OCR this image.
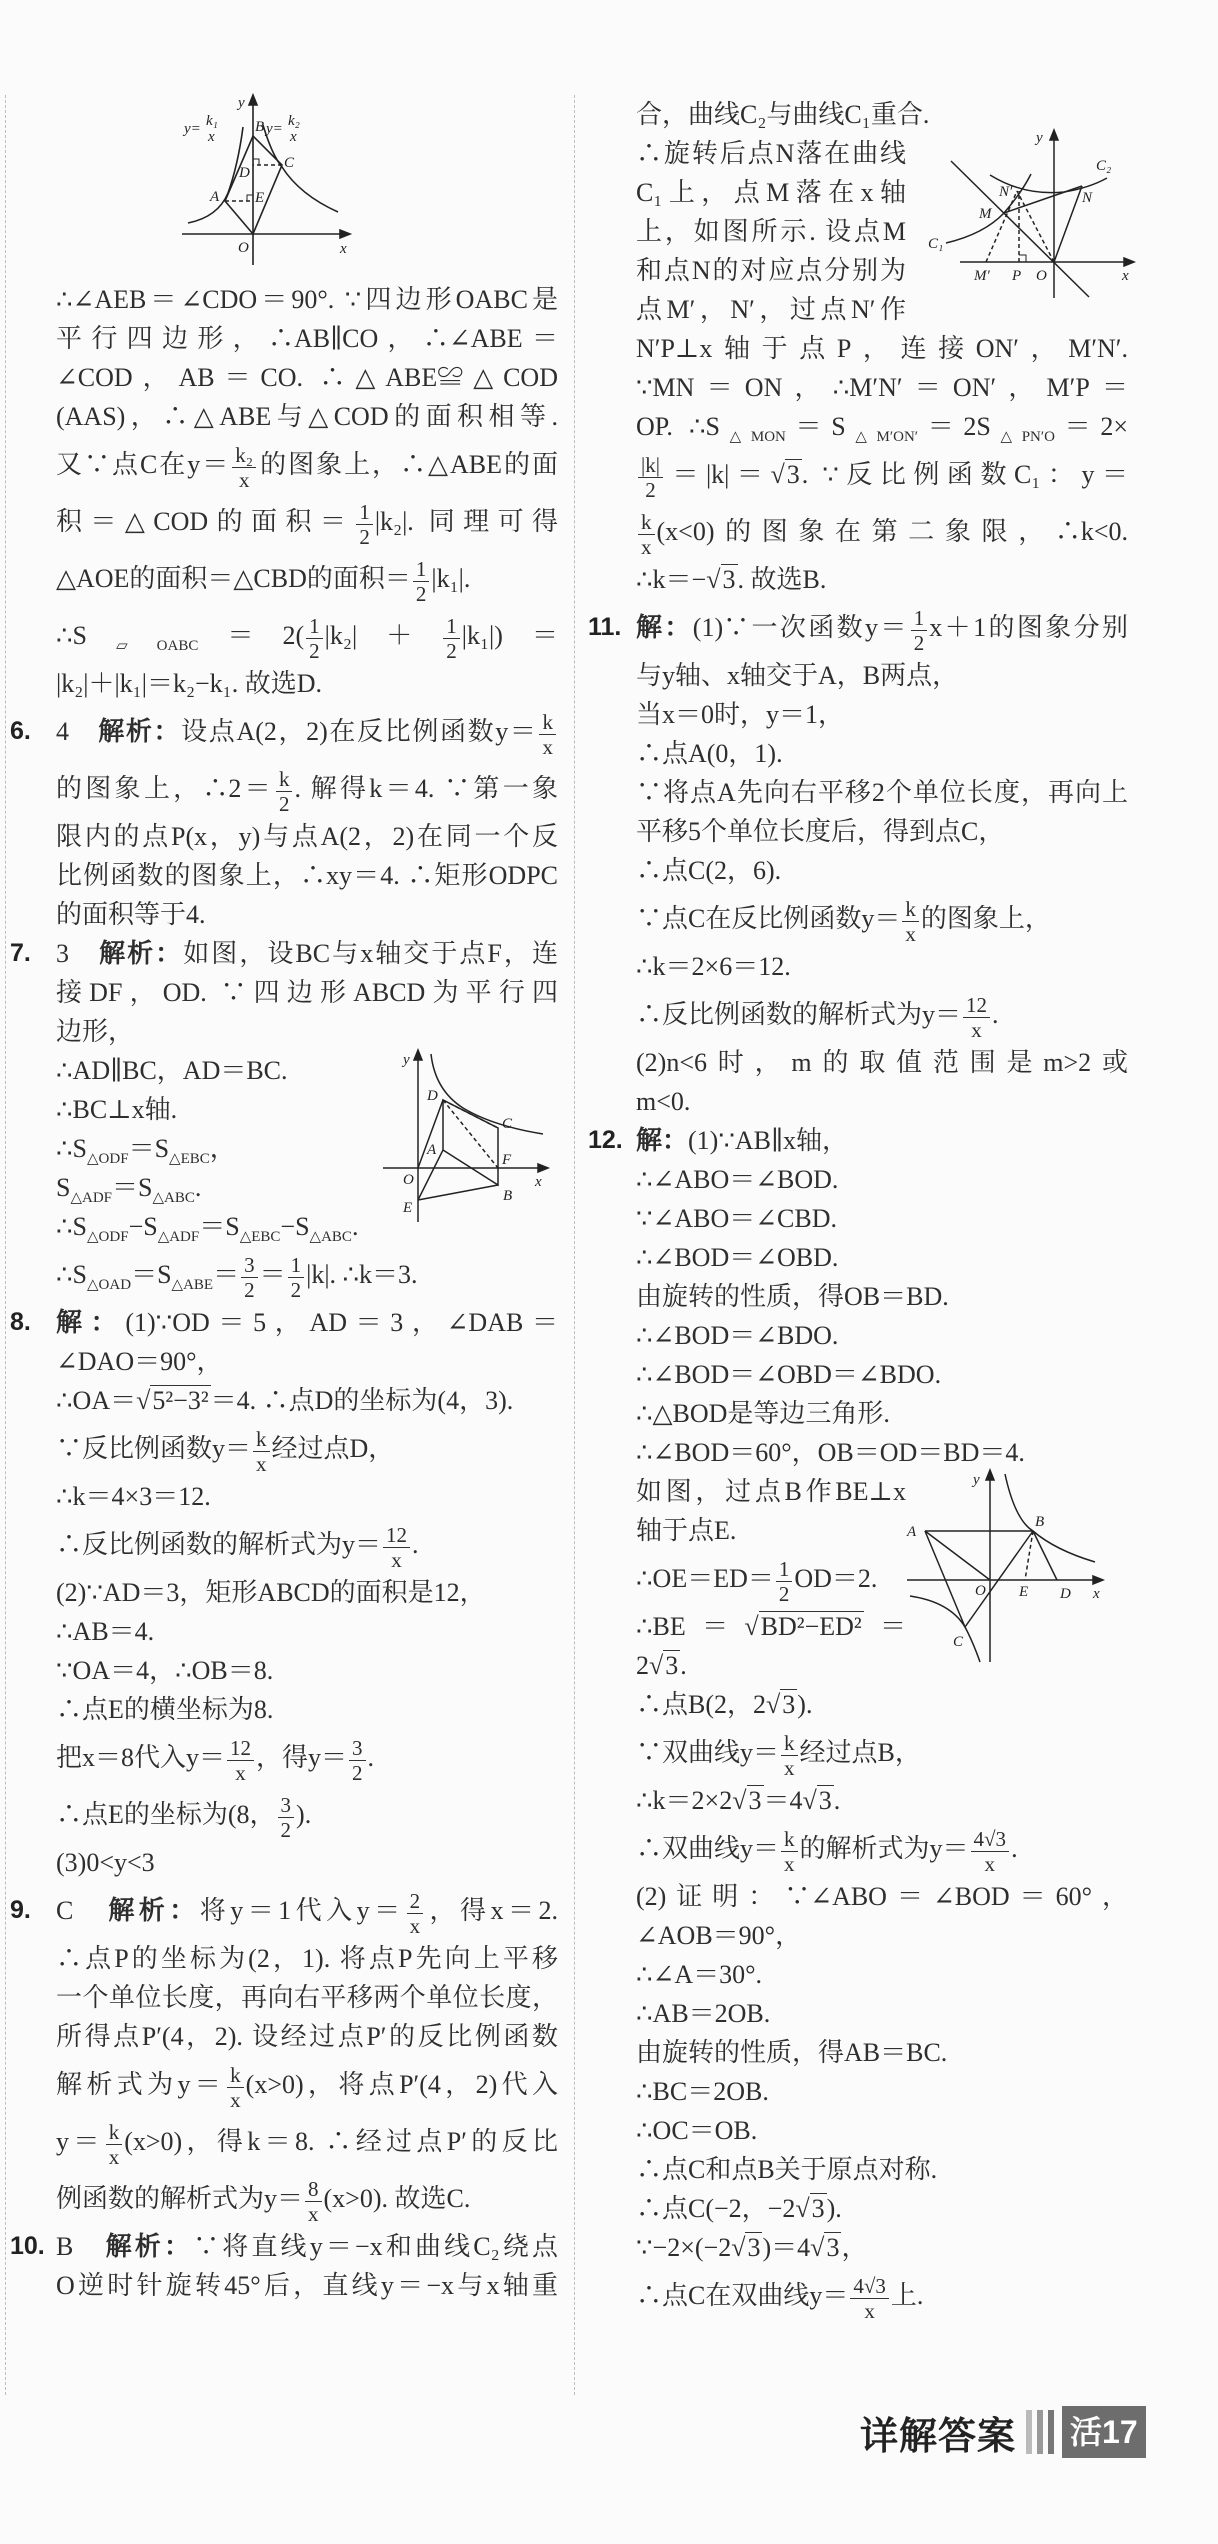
∴∠AEB＝∠CDO＝90°. ∵四边形OABC是
平行四边形，∴AB∥CO，∴∠ABE＝
∠COD，AB＝CO. ∴△ABE≌△COD
(AAS)，∴△ABE与△COD的面积相等.
又∵点C在$y= \frac{\text{k₂}}{x}$ 的图象上，∴△ABE的面
积＝△COD的面积＝ $\frac{1}{2} |k_2|$. 同理可得
△AOE的面积＝△CBD的面积＝ $\frac{1}{2} |k_1|$.
$\therefore S_{▱OABC}=2( \frac{1}{2} |k_2|+ \frac{1}{2} |k_1|)=$
|k₂|＋|k₁|＝k₂−k₁. 故选D.
6. 4　解析：设点A(2，2)在反比例函数$y= \frac{k}{x}$
的图象上，∴2＝ $\frac{k}{2}$ . 解得k＝4. ∵第一象
限内的点P(x，y)与点A(2，2)在同一个反
比例函数的图象上，∴xy＝4. ∴矩形ODPC
的面积等于4.
7. 3　解析：如图，设BC与x轴交于点F，连
接DF，OD. ∵四边形ABCD为平行四
边形，
∴AD∥BC，AD＝BC.
∴BC⊥x轴.
$\therefore S_{\triangle ODF}=S_{\triangle EBC}$，
$S_{\triangle ADF}=S_{\triangle ABC}$.
$\therefore S_{\triangle ODF}-S_{\triangle ADF}=S_{\triangle EBC}-S_{\triangle ABC}$.
$\therefore S_{\triangle OAD}=S_{\triangle ABE}= \frac{3}{2} = \frac{1}{2} |k|$. ∴k＝3.
8. 解：(1)∵OD＝5，AD＝3，∠DAB＝
∠DAO＝90°，
∴OA＝√5²−3²＝4. ∴点D的坐标为(4，3).
∵反比例函数$y= \frac{k}{x}$ 经过点D，
∴k＝4×3＝12.
∴反比例函数的解析式为$y= \frac{12}{x}$ .
(2)∵AD＝3，矩形ABCD的面积是12，
∴AB＝4.
∵OA＝4，∴OB＝8.
∴点E的横坐标为8.
把x＝8代入$y= \frac{12}{x}$ ，得$y= \frac{3}{2}$ .
∴点E的坐标为(8， $\frac{3}{2}$ ).
(3)0<y<3
9. C　解析：将y＝1代入$y= \frac{2}{x}$ ，得x＝2.
∴点P的坐标为(2，1). 将点P先向上平移
一个单位长度，再向右平移两个单位长度，
所得点P′(4，2). 设经过点P′的反比例函数
解析式为$y= \frac{k}{x} (x>0)$，将点P′(4，2)代入
$y= \frac{k}{x} (x>0)$，得k＝8. ∴经过点P′的反比
例函数的解析式为$y= \frac{8}{x} (x>0)$. 故选C.
10. B　解析：∵将直线y＝−x和曲线C₂绕点
O逆时针旋转45°后，直线y＝−x与x轴重
合，曲线C₂与曲线C₁重合.
∴旋转后点N落在曲线
C₁上，点M落在x轴
上，如图所示. 设点M
和点N的对应点分别为
点M′，N′，过点N′作
N′P⊥x轴于点P，连接ON′，M′N′.
∵MN＝ON，∴M′N′＝ON′，M′P＝
OP. $\therefore S_{\triangle MON}=S_{\triangle M'ON'}=2S_{\triangle PN'O}=2\times$
$\frac{|k|}{2} =|k|=√3$. ∵反比例函数C₁：y＝
$\frac{k}{x} (x<0)$的图象在第二象限，∴k<0.
∴k＝−√3. 故选B.
11. 解：(1)∵一次函数$y= \frac{1}{2} x+1$的图象分别
与y轴、x轴交于A，B两点，
当x＝0时，y＝1，
∴点A(0，1).
∵将点A先向右平移2个单位长度，再向上
平移5个单位长度后，得到点C，
∴点C(2，6).
∵点C在反比例函数$y= \frac{k}{x}$ 的图象上，
∴k＝2×6＝12.
∴反比例函数的解析式为$y= \frac{12}{x}$ .
(2)n<6时，m的取值范围是m>2或
m<0.
12. 解：(1)∵AB∥x轴，
∴∠ABO＝∠BOD.
∵∠ABO＝∠CBD.
∴∠BOD＝∠OBD.
由旋转的性质，得OB＝BD.
∴∠BOD＝∠BDO.
∴∠BOD＝∠OBD＝∠BDO.
∴△BOD是等边三角形.
∴∠BOD＝60°，OB＝OD＝BD＝4.
如图，过点B作BE⊥x
轴于点E.
∴OE＝ED＝ $\frac{1}{2} OD=2$.
∴BE＝√BD²−ED²＝
2√3.
∴点B(2，2√3).
∵双曲线$y= \frac{k}{x}$ 经过点B，
∴k＝2×2√3＝4√3.
∴双曲线$y= \frac{k}{x}$ 的解析式为$y= \frac{4√3}{x}$ .
(2)证明：∵∠ABO＝∠BOD＝60°，
∠AOB＝90°，
∴∠A＝30°.
∴AB＝2OB.
由旋转的性质，得AB＝BC.
∴BC＝2OB.
∴OC＝OB.
∴点C和点B关于原点对称.
∴点C(−2，−2√3).
∵−2×(−2√3)＝4√3，
∴点C在双曲线$y= \frac{4√3}{x}$ 上.
y
x
O
A
B
C
D
E
y= k₁
x	y= k₂
x
y
x
O
A
B
C
D
E
F
y
x
O
M
N
N′
M′ P
C₁
C₂
y
x
O
A
B
C
D
E
详解答案 活17
